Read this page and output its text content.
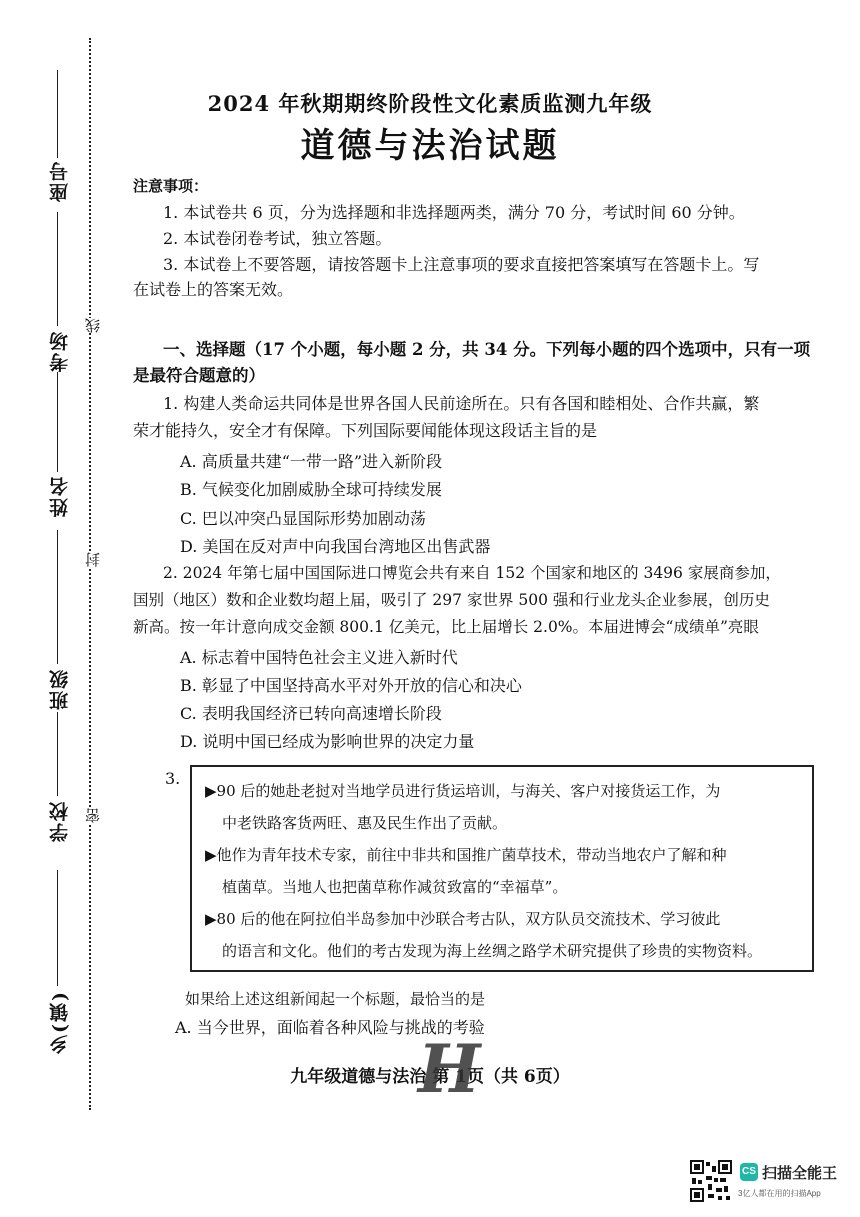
座号
考场
姓名
班级
学校
乡(镇)
线
封
密
2024 年秋期期终阶段性文化素质监测九年级
道德与法治试题
注意事项：
1. 本试卷共 6 页，分为选择题和非选择题两类，满分 70 分，考试时间 60 分钟。
2. 本试卷闭卷考试，独立答题。
3. 本试卷上不要答题，请按答题卡上注意事项的要求直接把答案填写在答题卡上。写
在试卷上的答案无效。
一、选择题（17 个小题，每小题 2 分，共 34 分。下列每小题的四个选项中，只有一项
是最符合题意的）
1. 构建人类命运共同体是世界各国人民前途所在。只有各国和睦相处、合作共赢，繁
荣才能持久，安全才有保障。下列国际要闻能体现这段话主旨的是
A. 高质量共建“一带一路”进入新阶段
B. 气候变化加剧威胁全球可持续发展
C. 巴以冲突凸显国际形势加剧动荡
D. 美国在反对声中向我国台湾地区出售武器
2. 2024 年第七届中国国际进口博览会共有来自 152 个国家和地区的 3496 家展商参加，
国别（地区）数和企业数均超上届，吸引了 297 家世界 500 强和行业龙头企业参展，创历史
新高。按一年计意向成交金额 800.1 亿美元，比上届增长 2.0%。本届进博会“成绩单”亮眼
A. 标志着中国特色社会主义进入新时代
B. 彰显了中国坚持高水平对外开放的信心和决心
C. 表明我国经济已转向高速增长阶段
D. 说明中国已经成为影响世界的决定力量
3.
▶90 后的她赴老挝对当地学员进行货运培训，与海关、客户对接货运工作，为
中老铁路客货两旺、惠及民生作出了贡献。
▶他作为青年技术专家，前往中非共和国推广菌草技术，带动当地农户了解和种
植菌草。当地人也把菌草称作减贫致富的“幸福草”。
▶80 后的他在阿拉伯半岛参加中沙联合考古队，双方队员交流技术、学习彼此
的语言和文化。他们的考古发现为海上丝绸之路学术研究提供了珍贵的实物资料。
如果给上述这组新闻起一个标题，最恰当的是
A. 当今世界，面临着各种风险与挑战的考验
九年级道德与法治 第 1页（共 6页）
H
CS 扫描全能王
3亿人都在用的扫描App
